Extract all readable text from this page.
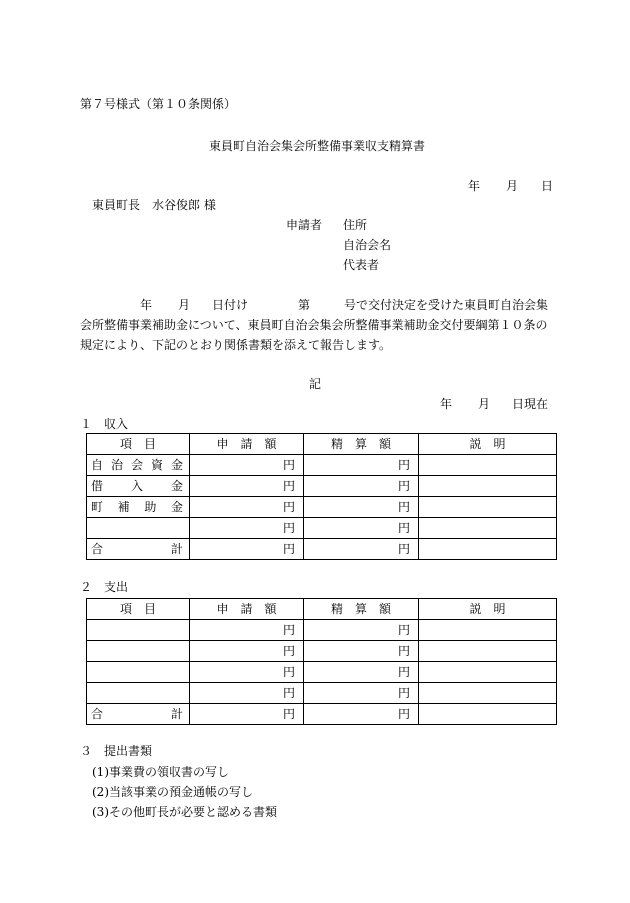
第７号様式（第１０条関係）
東員町自治会集会所整備事業収支精算書
年 月 日
東員町長　水谷俊郎 様
申請者 住所
自治会名
代表者
年 月 日付け	第	号で交付決定を受けた東員町自治会集
会所整備事業補助金について、東員町自治会集会所整備事業補助金交付要綱第１０条の
規定により、下記のとおり関係書類を添えて報告します。
記
年 月 日現在
１　収入
項　目	申　請　額	精　算　額	説　明

自 治 会 資 金	円	円	

借 入 金	円	円	

町 補 助 金	円	円	

	円	円	

合 計	円	円	
２　支出
項　目	申　請　額	精　算　額	説　明

	円	円	

	円	円	

	円	円	

	円	円	

合 計	円	円	
３　提出書類
(1)事業費の領収書の写し
(2)当該事業の預金通帳の写し
(3)その他町長が必要と認める書類
